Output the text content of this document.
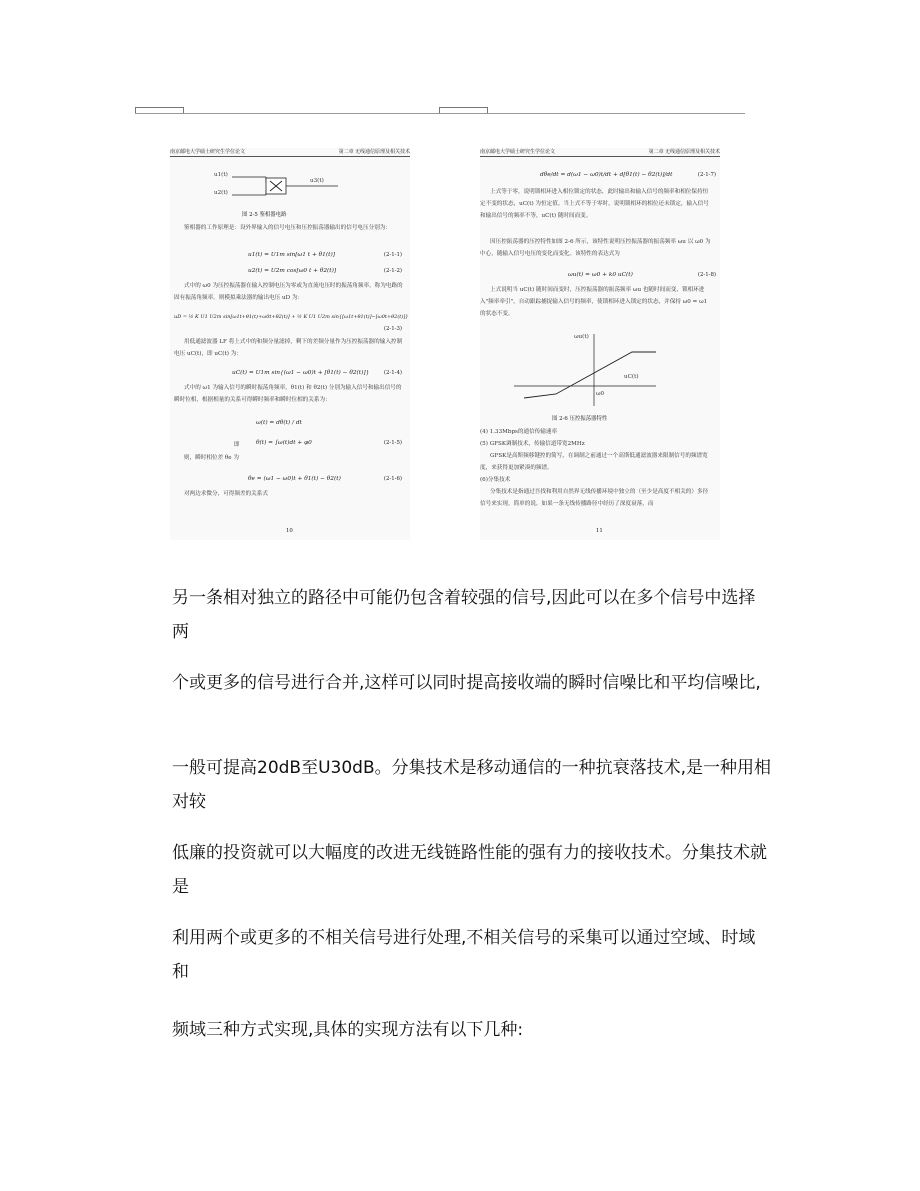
南京邮电大学硕士研究生学位论文	第二章 无线通信原理及相关技术
u1(t)
u2(t)
u3(t)
图 2-5 鉴相器电路
鉴相器的工作原理是：设外界输入的信号电压和压控振荡器输出的信号电压分别为：
u1(t) = U1m sin[ω1 t + θ1(t)]	(2-1-1)
u2(t) = U2m cos[ω0 t + θ2(t)]	(2-1-2)
式中的 ω0 为压控振荡器在输入控制电压为零或为直流电压时的振荡角频率，称为电路的固有振荡角频率。则模拟乘法器的输出电压 uD 为：
uD = ½ K U1 U2m sin[ω1t+θ1(t)+ω0t+θ2(t)] + ½ K U1 U2m sin{[ω1t+θ1(t)]−[ω0t+θ2(t)]}
(2-1-3)
用低通滤波器 LF 将上式中的和频分量滤掉，剩下的差频分量作为压控振荡器的输入控制电压 uC(t)，即 uC(t) 为：
uC(t) = U1m sin{(ω1 − ω0)t + [θ1(t) − θ2(t)]}	(2-1-4)
式中的 ω1 为输入信号的瞬时振荡角频率，θ1(t) 和 θ2(t) 分别为输入信号和输出信号的瞬时位相，根据相量的关系可得瞬时频率和瞬时位相的关系为：
ω(t) = dθ(t) / dt
即	θ(t) = ∫ω(t)dt + φ0	(2-1-5)
则，瞬时相位差 θe 为
θe = (ω1 − ω0)t + θ1(t) − θ2(t)	(2-1-6)
对两边求微分，可得频差的关系式
10
南京邮电大学硕士研究生学位论文	第二章 无线通信原理及相关技术
dθe/dt = d(ω1 − ω0)t/dt + d[θ1(t) − θ2(t)]/dt	(2-1-7)
上式等于零，说明锁相环进入相位锁定的状态，此时输出和输入信号的频率和相位保持恒定不变的状态，uC(t) 为恒定值。当上式不等于零时，说明锁相环的相位还未锁定，输入信号和输出信号的频率不等，uC(t) 随时间而变。
因压控振荡器的压控特性如图 2-6 所示，该特性说明压控振荡器的振荡频率 ωu 以 ω0 为中心，随输入信号电压的变化而变化。该特性的表达式为
ωu(t) = ω0 + k0 uC(t)	(2-1-8)
上式说明当 uC(t) 随时间而变时，压控振荡器的振荡频率 ωu 也随时间而变，锁相环进入"频率牵引"，自动跟踪捕捉输入信号的频率，使锁相环进入锁定的状态，并保持 ω0 = ω1 的状态不变。
ωu(t)
uC(t)
ω0
图 2-6 压控振荡器特性
(4) 1.33Mbps的通信传输速率
(5) GFSK调制技术，传输信道带宽2MHz
GFSK是高斯频移键控的简写，在调制之前通过一个高斯低通滤波器来限制信号的频谱宽度，来获得更加紧凑的频谱。
(6)分集技术
分集技术是指通过吾找和利用自然界无线传播环境中独立的（至少是高度不相关的）多径信号来实现。简单的说，如果一条无线传播路径中经历了深度衰落，而
11
另一条相对独立的路径中可能仍包含着较强的信号,因此可以在多个信号中选择两
个或更多的信号进行合并,这样可以同时提高接收端的瞬时信噪比和平均信噪比,
一般可提高20dB至U30dB。分集技术是移动通信的一种抗衰落技术,是一种用相对较
低廉的投资就可以大幅度的改进无线链路性能的强有力的接收技术。分集技术就是
利用两个或更多的不相关信号进行处理,不相关信号的采集可以通过空域、时域和
频域三种方式实现,具体的实现方法有以下几种:
